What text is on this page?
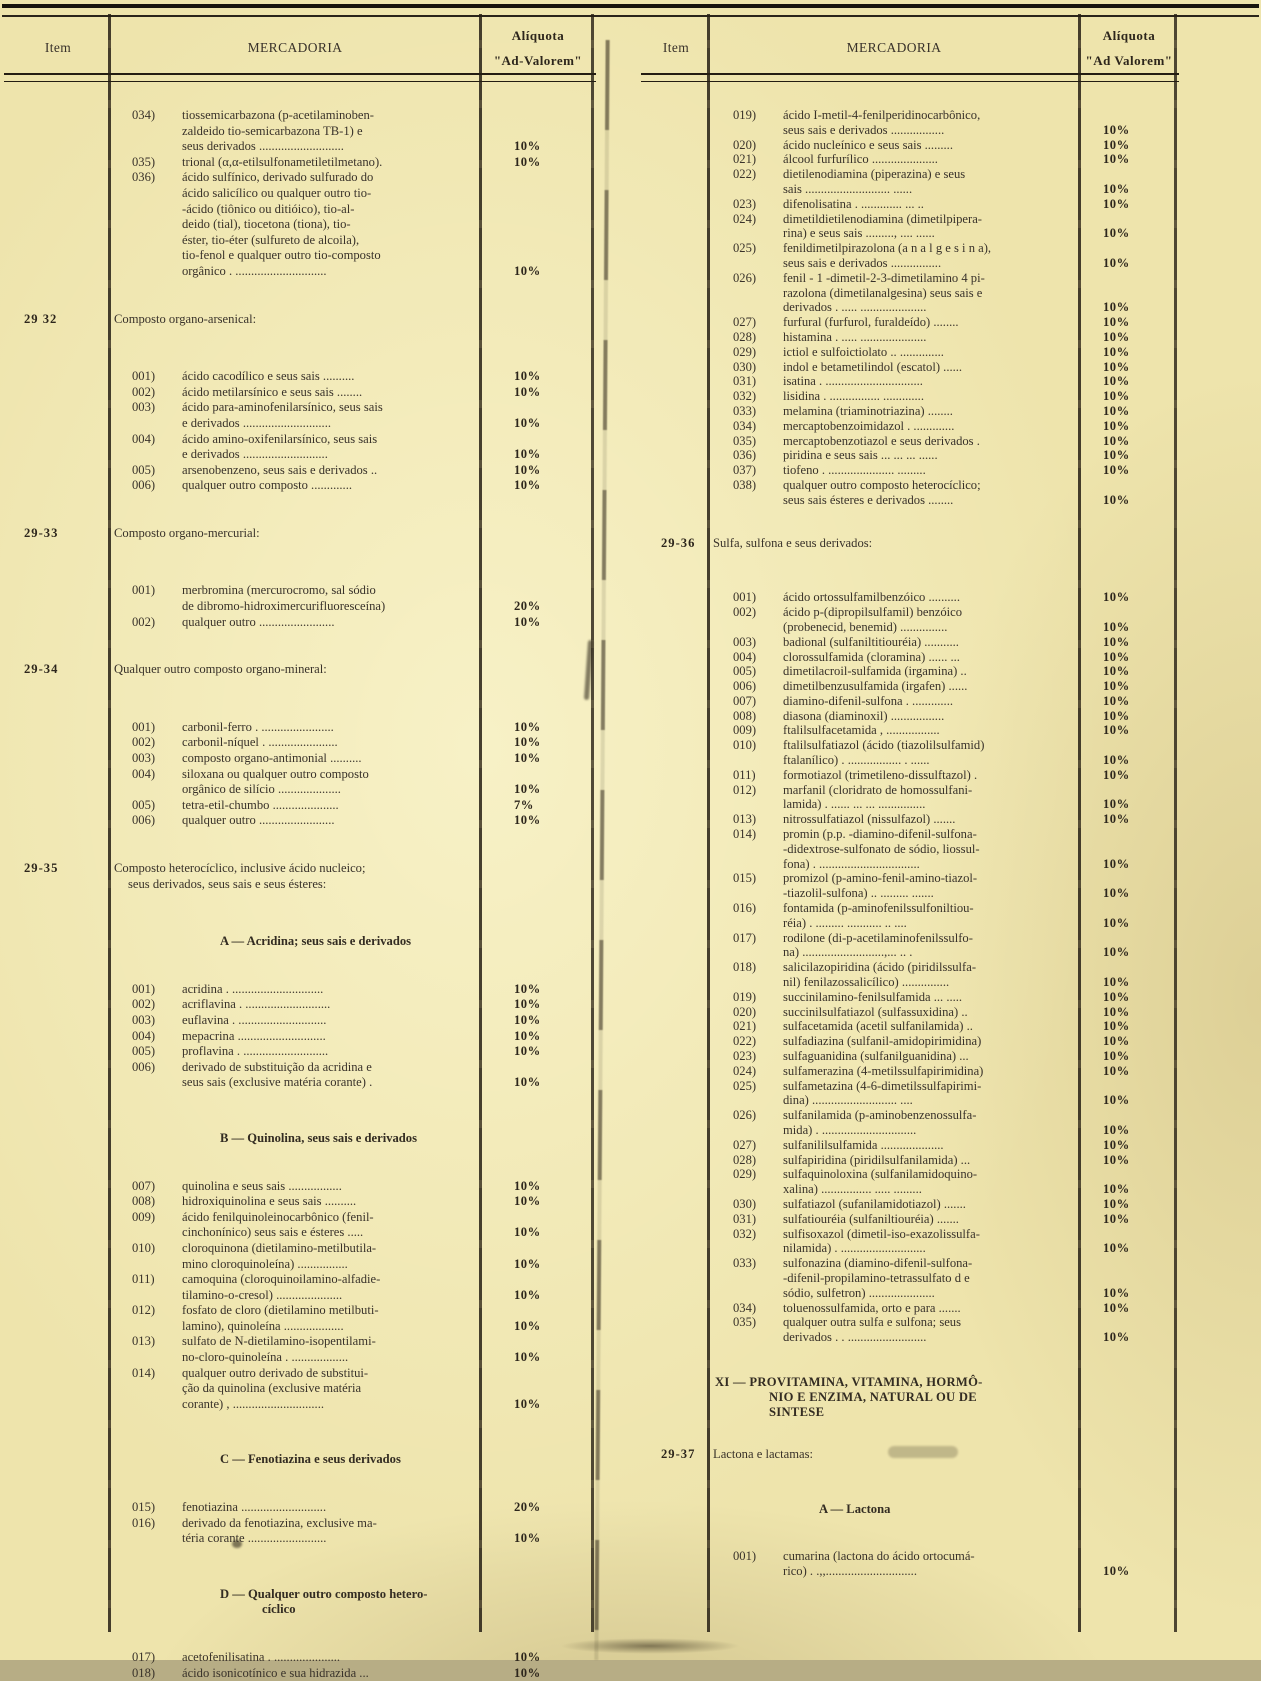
Item	MERCADORIA
Alíquota
"Ad-Valorem"
034)	tiossemicarbazona (p-acetilaminoben-
zaldeido tio-semicarbazona TB-1) e
seus derivados ...........................	10%
035)	trional (α,α-etilsulfonametiletilmetano).	10%
036)	ácido sulfínico, derivado sulfurado do
ácido salicílico ou qualquer outro tio-
-ácido (tiônico ou ditióico), tio-al-
deido (tial), tiocetona (tiona), tio-
éster, tio-éter (sulfureto de alcoila),
tio-fenol e qualquer outro tio-composto
orgânico . .............................	10%
29 32	Composto organo-arsenical:
001)	ácido cacodílico e seus sais ..........	10%
002)	ácido metilarsínico e seus sais ........	10%
003)	ácido para-aminofenilarsínico, seus sais
e derivados ............................	10%
004)	ácido amino-oxifenilarsínico, seus sais
e derivados ...........................	10%
005)	arsenobenzeno, seus sais e derivados ..	10%
006)	qualquer outro composto .............	10%
29-33	Composto organo-mercurial:
001)	merbromina (mercurocromo, sal sódio
de dibromo-hidroximercurifluoresceína)	20%
002)	qualquer outro ........................	10%
29-34	Qualquer outro composto organo-mineral:
001)	carbonil-ferro . .......................	10%
002)	carbonil-níquel . ......................	10%
003)	composto organo-antimonial ..........	10%
004)	siloxana ou qualquer outro composto
orgânico de silício ....................	10%
005)	tetra-etil-chumbo .....................	7%
006)	qualquer outro ........................	10%
29-35	Composto heterocíclico, inclusive ácido nucleico;
seus derivados, seus sais e seus ésteres:
A — Acridina; seus sais e derivados
001)	acridina . .............................	10%
002)	acriflavina . ...........................	10%
003)	euflavina . ............................	10%
004)	mepacrina ............................	10%
005)	proflavina . ...........................	10%
006)	derivado de substituição da acridina e
seus sais (exclusive matéria corante) .	10%
B — Quinolina, seus sais e derivados
007)	quinolina e seus sais .................	10%
008)	hidroxiquinolina e seus sais ..........	10%
009)	ácido fenilquinoleinocarbônico (fenil-
cinchonínico) seus sais e ésteres .....	10%
010)	cloroquinona (dietilamino-metilbutila-
mino cloroquinoleína) ................	10%
011)	camoquina (cloroquinoilamino-alfadie-
tilamino-o-cresol) .....................	10%
012)	fosfato de cloro (dietilamino metilbuti-
lamino), quinoleína ...................	10%
013)	sulfato de N-dietilamino-isopentilami-
no-cloro-quinoleína . ..................	10%
014)	qualquer outro derivado de substitui-
ção da quinolina (exclusive matéria
corante) , .............................	10%
C — Fenotiazina e seus derivados
015)	fenotiazina ...........................	20%
016)	derivado da fenotiazina, exclusive ma-
téria corante .........................	10%
D — Qualquer outro composto hetero-
cíclico
017)	acetofenilisatina . .....................	10%
018)	ácido isonicotínico e sua hidrazida ...	10%
Item	MERCADORIA
Alíquota
"Ad Valorem"
019)	ácido I-metil-4-fenilperidinocarbônico,
seus sais e derivados .................	10%
020)	ácido nucleínico e seus sais .........	10%
021)	álcool furfurílico .....................	10%
022)	dietilenodiamina (piperazina) e seus
sais ........................... ......	10%
023)	difenolisatina . ............. ... ..	10%
024)	dimetildietilenodiamina (dimetilpipera-
rina) e seus sais ........., .... ......	10%
025)	fenildimetilpirazolona (a n a l g e s i n a),
seus sais e derivados ................	10%
026)	fenil - 1 -dimetil-2-3-dimetilamino 4 pi-
razolona (dimetilanalgesina) seus sais e
derivados . ..... .....................	10%
027)	furfural (furfurol, furaldeído) ........	10%
028)	histamina . ..... .....................	10%
029)	ictiol e sulfoictiolato .. ..............	10%
030)	indol e betametilindol (escatol) ......	10%
031)	isatina . ...............................	10%
032)	lisidina . ................ .............	10%
033)	melamina (triaminotriazina) ........	10%
034)	mercaptobenzoimidazol . .............	10%
035)	mercaptobenzotiazol e seus derivados .	10%
036)	piridina e seus sais ... ... ... ......	10%
037)	tiofeno . ..................... .........	10%
038)	qualquer outro composto heterocíclico;
seus sais ésteres e derivados ........	10%
29-36	Sulfa, sulfona e seus derivados:
001)	ácido ortossulfamilbenzóico ..........	10%
002)	ácido p-(dipropilsulfamil) benzóico
(probenecid, benemid) ...............	10%
003)	badional (sulfaniltitiouréia) ...........	10%
004)	clorossulfamida (cloramina) ...... ...	10%
005)	dimetilacroil-sulfamida (irgamina) ..	10%
006)	dimetilbenzusulfamida (irgafen) ......	10%
007)	diamino-difenil-sulfona . .............	10%
008)	diasona (diaminoxil) .................	10%
009)	ftalilsulfacetamida , .................	10%
010)	ftalilsulfatiazol (ácido (tiazolilsulfamid)
ftalanílico) . ................. . ......	10%
011)	formotiazol (trimetileno-dissulftazol) .	10%
012)	marfanil (cloridrato de homossulfani-
lamida) . ...... ... ... ...............	10%
013)	nitrossulfatiazol (nissulfazol) .......	10%
014)	promin (p.p. -diamino-difenil-sulfona-
-didextrose-sulfonato de sódio, liossul-
fona) . ................................	10%
015)	promizol (p-amino-fenil-amino-tiazol-
-tiazolil-sulfona) .. ......... .......	10%
016)	fontamida (p-aminofenilssulfoniltiou-
réia) . ......... ........... .. ....	10%
017)	rodilone (di-p-acetilaminofenilssulfo-
na) ..........................,... .. .	10%
018)	salicilazopiridina (ácido (piridilssulfa-
nil) fenilazossalicílico) ...............	10%
019)	succinilamino-fenilsulfamida ... .....	10%
020)	succinilsulfatiazol (sulfassuxidina) ..	10%
021)	sulfacetamida (acetil sulfanilamida) ..	10%
022)	sulfadiazina (sulfanil-amidopirimidina)	10%
023)	sulfaguanidina (sulfanilguanidina) ...	10%
024)	sulfamerazina (4-metilssulfapirimidina)	10%
025)	sulfametazina (4-6-dimetilssulfapirimi-
dina) ........................... ....	10%
026)	sulfanilamida (p-aminobenzenossulfa-
mida) . ..............................	10%
027)	sulfanililsulfamida ....................	10%
028)	sulfapiridina (piridilsulfanilamida) ...	10%
029)	sulfaquinoloxina (sulfanilamidoquino-
xalina) ................ ..... .........	10%
030)	sulfatiazol (sufanilamidotiazol) .......	10%
031)	sulfatiouréia (sulfaniltiouréia) .......	10%
032)	sulfisoxazol (dimetil-iso-exazolissulfa-
nilamida) . ...........................	10%
033)	sulfonazina (diamino-difenil-sulfona-
-difenil-propilamino-tetrassulfato d e
sódio, sulfetron) .....................	10%
034)	toluenossulfamida, orto e para .......	10%
035)	qualquer outra sulfa e sulfona; seus
derivados . . .........................	10%
XI — PROVITAMINA, VITAMINA, HORMÔ-
NIO E ENZIMA, NATURAL OU DE
SINTESE
29-37	Lactona e lactamas:
A — Lactona
001)	cumarina (lactona do ácido ortocumá-
rico) . .,,.............................	10%
